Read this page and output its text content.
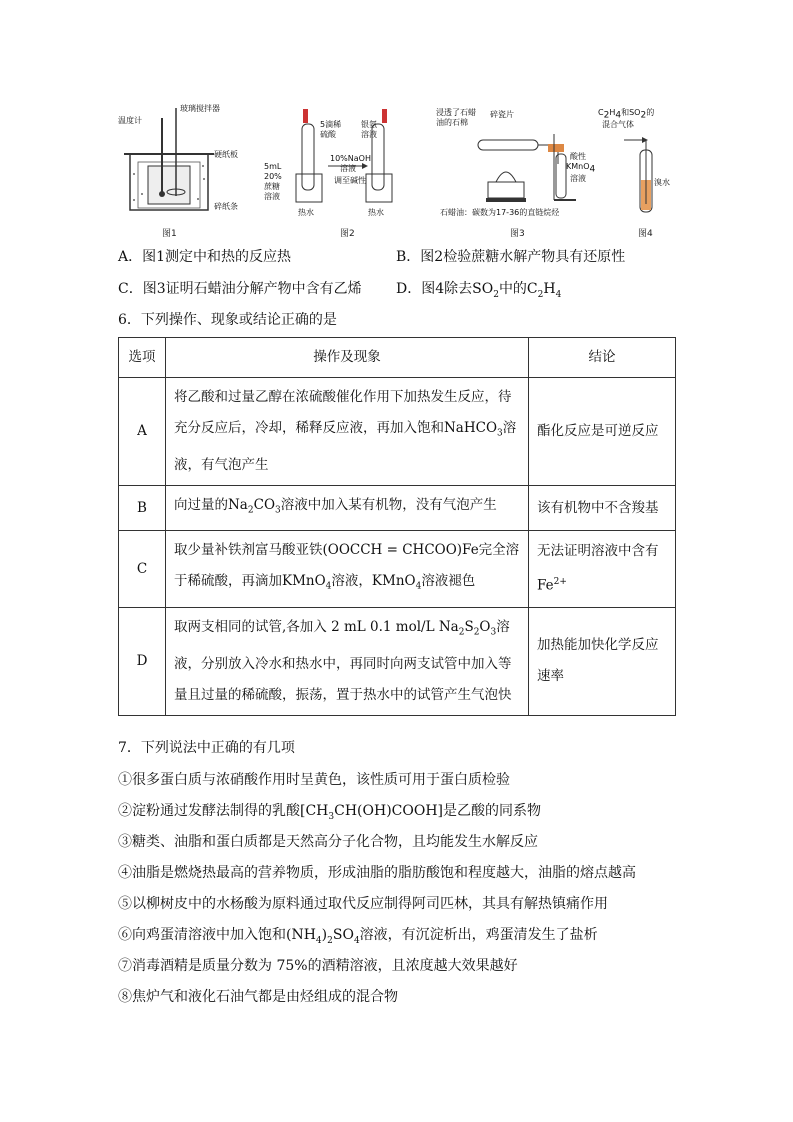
温度计
玻璃搅拌器
硬纸板
碎纸条
图1
5滴稀
硫酸
银氨
溶液
5mL
20%
蔗糖
溶液
10%NaOH
溶液
调至碱性
热水	热水
图2
浸透了石蜡
油的石棉
碎瓷片
酸性
KMnO$_4$
溶液
石蜡油：碳数为17-36的直链烷烃
图3
$C_2H_4$和$SO_2$的
混合气体
溴水
图4
A．图1测定中和热的反应热	B．图2检验蔗糖水解产物具有还原性
C．图3证明石蜡油分解产物中含有乙烯 D．图4除去$SO_2$中的$C_2H_4$
6．下列操作、现象或结论正确的是
选项	操作及现象	结论
A	将乙酸和过量乙醇在浓硫酸催化作用下加热发生反应，待充分反应后，冷却，稀释反应液，再加入饱和NaHCO$_3$溶液，有气泡产生	酯化反应是可逆反应
B	向过量的$Na_2CO_3$溶液中加入某有机物，没有气泡产生	该有机物中不含羧基
C	取少量补铁剂富马酸亚铁(OOCCH = CHCOO)Fe完全溶于稀硫酸，再滴加KMnO$_4$溶液，KMnO$_4$溶液褪色	无法证明溶液中含有$Fe^{2+}$
D	取两支相同的试管,各加入 2 mL 0.1 mol/L $Na_2S_2O_3$溶液，分别放入冷水和热水中，再同时向两支试管中加入等量且过量的稀硫酸，振荡，置于热水中的试管产生气泡快	加热能加快化学反应速率
7．下列说法中正确的有几项
①很多蛋白质与浓硝酸作用时呈黄色，该性质可用于蛋白质检验
②淀粉通过发酵法制得的乳酸$[CH_3CH(OH)COOH]$是乙酸的同系物
③糖类、油脂和蛋白质都是天然高分子化合物，且均能发生水解反应
④油脂是燃烧热最高的营养物质，形成油脂的脂肪酸饱和程度越大，油脂的熔点越高
⑤以柳树皮中的水杨酸为原料通过取代反应制得阿司匹林，其具有解热镇痛作用
⑥向鸡蛋清溶液中加入饱和$(NH_4)_2SO_4$溶液，有沉淀析出，鸡蛋清发生了盐析
⑦消毒酒精是质量分数为 75%的酒精溶液，且浓度越大效果越好
⑧焦炉气和液化石油气都是由烃组成的混合物
